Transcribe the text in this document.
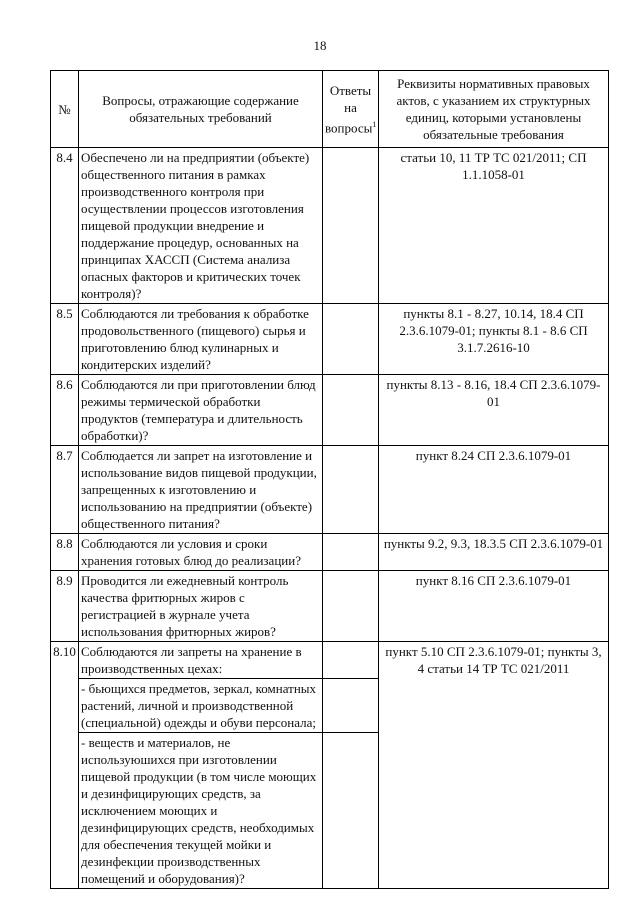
18
№	Вопросы, отражающие содержание обязательных требований	Ответы на вопросы$^1$	Реквизиты нормативных правовых актов, с указанием их структурных единиц, которыми установлены обязательные требования
8.4	Обеспечено ли на предприятии (объекте) общественного питания в рамках производственного контроля при осуществлении процессов изготовления пищевой продукции внедрение и поддержание процедур, основанных на принципах ХАССП (Система анализа опасных факторов и критических точек контроля)?		статьи 10, 11 ТР ТС 021/2011; СП 1.1.1058-01
8.5	Соблюдаются ли требования к обработке продовольственного (пищевого) сырья и приготовлению блюд кулинарных и кондитерских изделий?		пункты 8.1 - 8.27, 10.14, 18.4 СП 2.3.6.1079-01; пункты 8.1 - 8.6 СП 3.1.7.2616-10
8.6	Соблюдаются ли при приготовлении блюд режимы термической обработки продуктов (температура и длительность обработки)?		пункты 8.13 - 8.16, 18.4 СП 2.3.6.1079-01
8.7	Соблюдается ли запрет на изготовление и использование видов пищевой продукции, запрещенных к изготовлению и использованию на предприятии (объекте) общественного питания?		пункт 8.24 СП 2.3.6.1079-01
8.8	Соблюдаются ли условия и сроки хранения готовых блюд до реализации?		пункты 9.2, 9.3, 18.3.5 СП 2.3.6.1079-01
8.9	Проводится ли ежедневный контроль качества фритюрных жиров с регистрацией в журнале учета использования фритюрных жиров?		пункт 8.16 СП 2.3.6.1079-01
8.10	Соблюдаются ли запреты на хранение в производственных цехах:		пункт 5.10 СП 2.3.6.1079-01; пункты 3, 4 статьи 14 ТР ТС 021/2011
	- бьющихся предметов, зеркал, комнатных растений, личной и производственной (специальной) одежды и обуви персонала;		
	- веществ и материалов, не используюшихся при изготовлении пищевой продукции (в том числе моющих и дезинфицирующих средств, за исключением моющих и дезинфицирующих средств, необходимых для обеспечения текущей мойки и дезинфекции производственных помещений и оборудования)?		
